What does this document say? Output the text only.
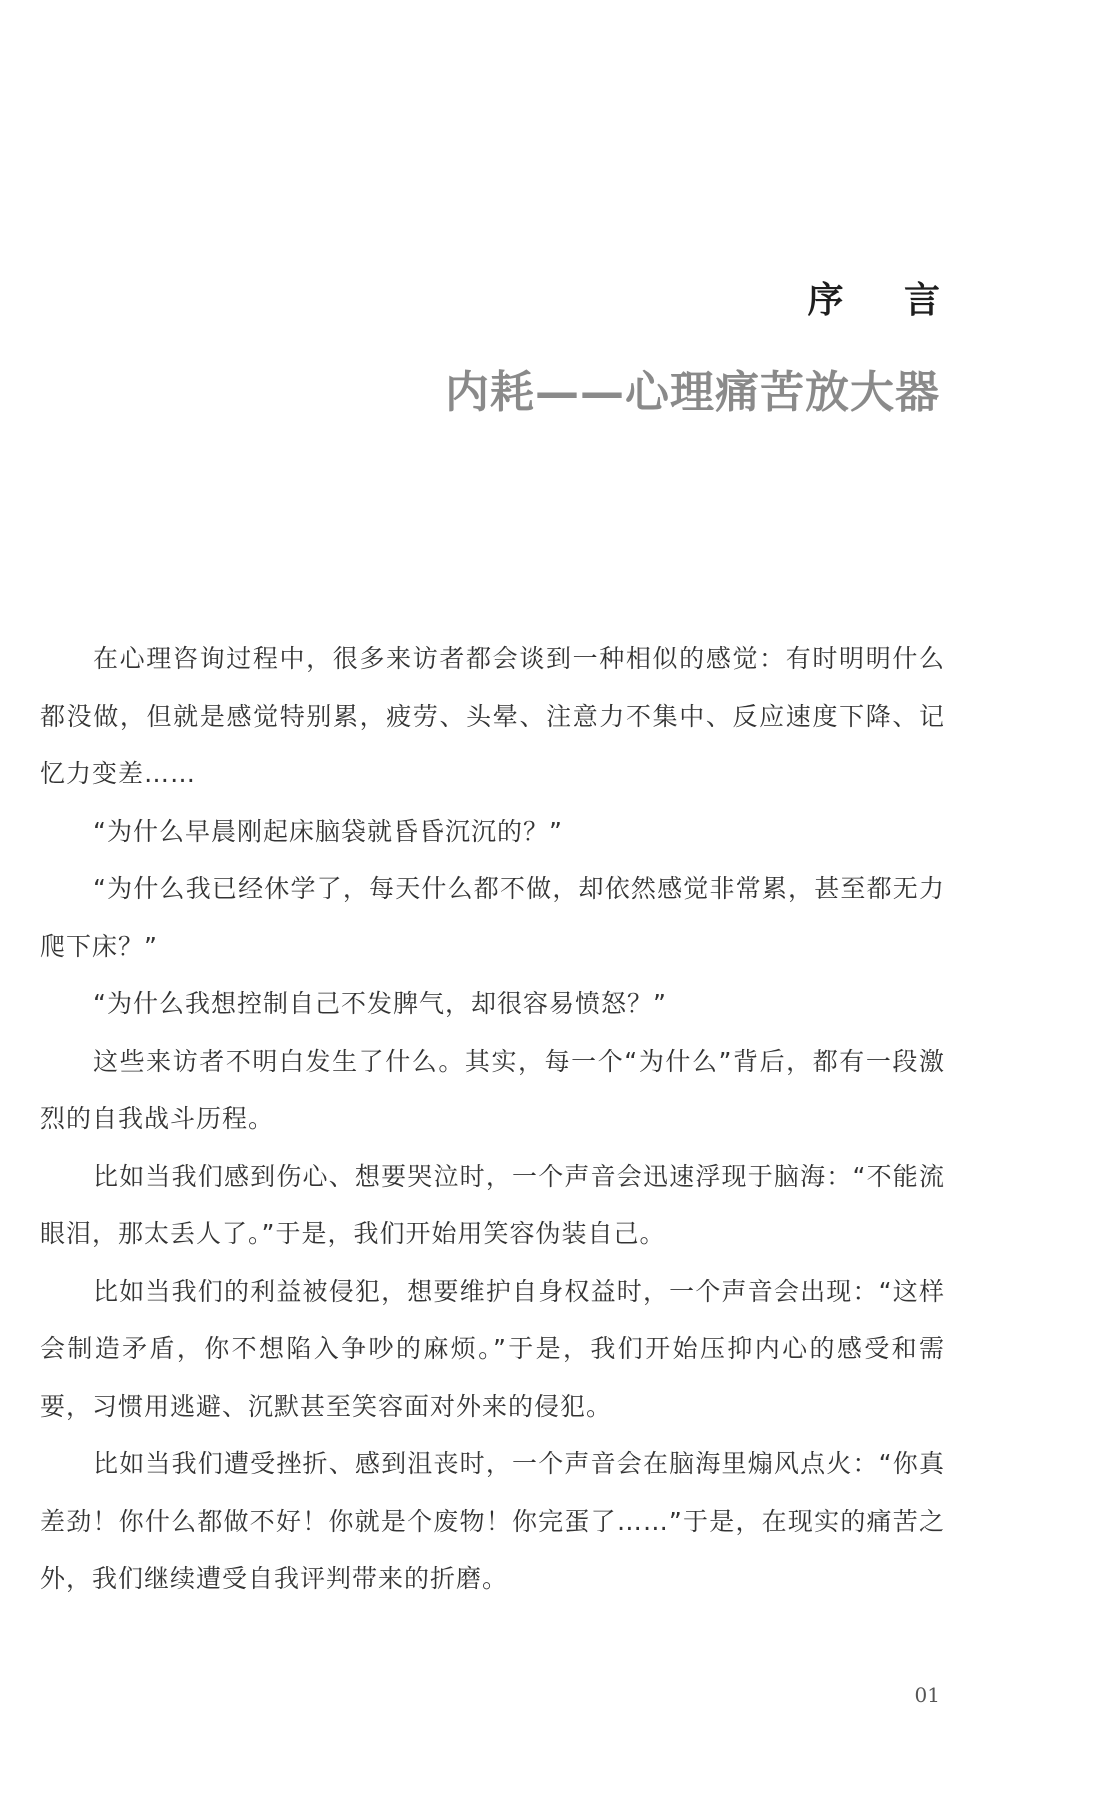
序 言
内耗——心理痛苦放大器

在心理咨询过程中，很多来访者都会谈到一种相似的感觉：有时明明什么都没做，但就是感觉特别累，疲劳、头晕、注意力不集中、反应速度下降、记忆力变差……

“为什么早晨刚起床脑袋就昏昏沉沉的？”

“为什么我已经休学了，每天什么都不做，却依然感觉非常累，甚至都无力爬下床？”

“为什么我想控制自己不发脾气，却很容易愤怒？”

这些来访者不明白发生了什么。其实，每一个“为什么”背后，都有一段激烈的自我战斗历程。

比如当我们感到伤心、想要哭泣时，一个声音会迅速浮现于脑海：“不能流眼泪，那太丢人了。”于是，我们开始用笑容伪装自己。

比如当我们的利益被侵犯，想要维护自身权益时，一个声音会出现：“这样会制造矛盾，你不想陷入争吵的麻烦。”于是，我们开始压抑内心的感受和需要，习惯用逃避、沉默甚至笑容面对外来的侵犯。

比如当我们遭受挫折、感到沮丧时，一个声音会在脑海里煽风点火：“你真差劲！你什么都做不好！你就是个废物！你完蛋了……”于是，在现实的痛苦之外，我们继续遭受自我评判带来的折磨。

01
